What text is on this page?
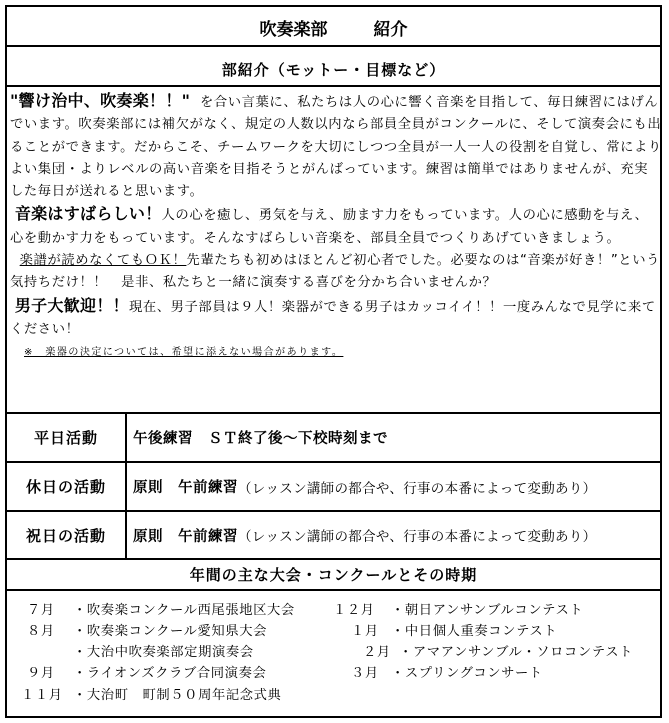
吹奏楽部	紹介
部紹介（モットー・目標など）

"響け治中、吹奏楽！！" を合い言葉に、私たちは人の心に響く音楽を目指して、毎日練習にはげんでいます。吹奏楽部には補欠がなく、規定の人数以内なら部員全員がコンクールに、そして演奏会にも出ることができます。だからこそ、チームワークを大切にしつつ全員が一人一人の役割を自覚し、常によりよい集団・よりレベルの高い音楽を目指そうとがんばっています。練習は簡単ではありませんが、充実した毎日が送れると思います。

音楽はすばらしい！人の心を癒し、勇気を与え、励ます力をもっています。人の心に感動を与え、心を動かす力をもっています。そんなすばらしい音楽を、部員全員でつくりあげていきましょう。

楽譜が読めなくてもＯＫ！先輩たちも初めはほとんど初心者でした。必要なのは“音楽が好き！”という気持ちだけ！！　是非、私たちと一緒に演奏する喜びを分かち合いませんか？

男子大歓迎！！現在、男子部員は９人！楽器ができる男子はカッコイイ！！一度みんなで見学に来てください！

※　楽器の決定については、希望に添えない場合があります。

平日活動	午後練習　ＳＴ終了後～下校時刻まで
休日の活動	原則　午前練習 （レッスン講師の都合や、行事の本番によって変動あり）
祝日の活動	原則　午前練習 （レッスン講師の都合や、行事の本番によって変動あり）
年間の主な大会・コンクールとその時期
７月 ・吹奏楽コンクール西尾張地区大会
８月 ・吹奏楽コンクール愛知県大会
・大治中吹奏楽部定期演奏会
９月 ・ライオンズクラブ合同演奏会
１１月 ・大治町　町制５０周年記念式典
１２月 ・朝日アンサンブルコンテスト
１月 ・中日個人重奏コンテスト
２月 ・アマアンサンブル・ソロコンテスト
３月 ・スプリングコンサート
